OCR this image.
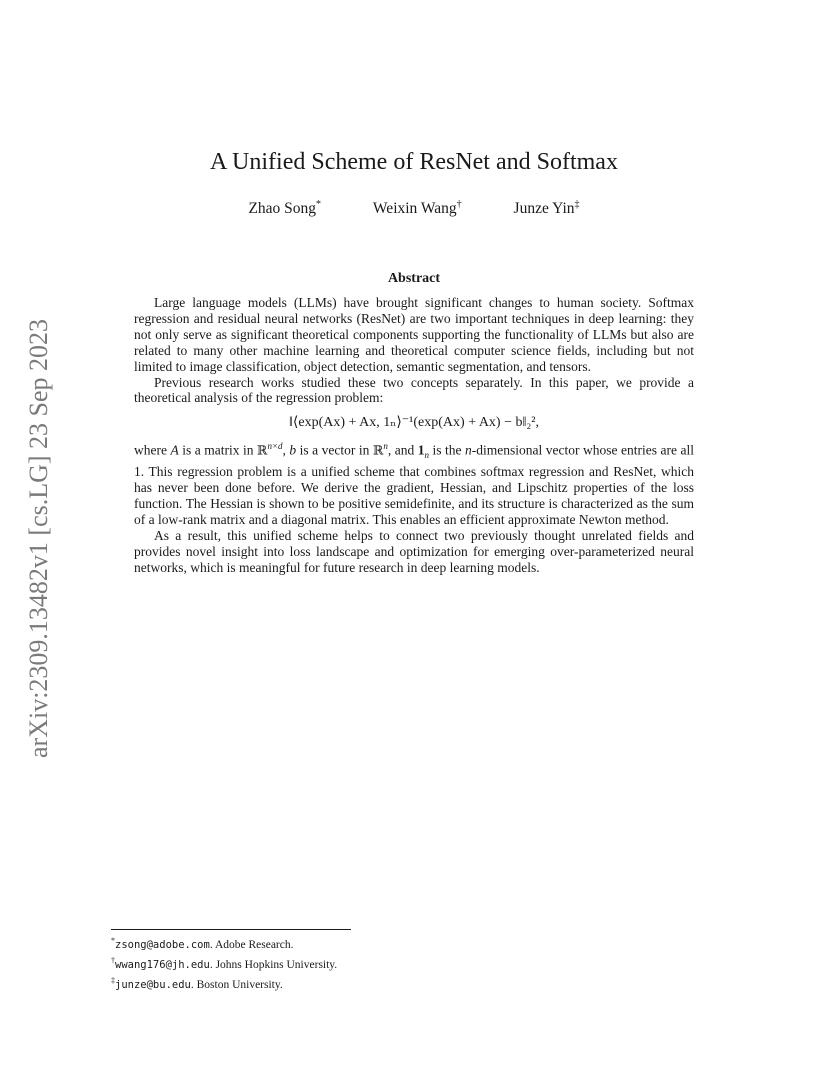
arXiv:2309.13482v1 [cs.LG] 23 Sep 2023
A Unified Scheme of ResNet and Softmax
Zhao Song*	Weixin Wang†	Junze Yin‡
Abstract

Large language models (LLMs) have brought significant changes to human society. Softmax regression and residual neural networks (ResNet) are two important techniques in deep learning: they not only serve as significant theoretical components supporting the functionality of LLMs but also are related to many other machine learning and theoretical computer science fields, including but not limited to image classification, object detection, semantic segmentation, and tensors.

Previous research works studied these two concepts separately. In this paper, we provide a theoretical analysis of the regression problem:

‖⟨exp(Ax) + Ax, 1ₙ⟩⁻¹(exp(Ax) + Ax) − b‖₂²,

where A is a matrix in ℝ$^{n\times d}$, b is a vector in ℝ$^n$, and $1_n$ is the n-dimensional vector whose entries are all 1. This regression problem is a unified scheme that combines softmax regression and ResNet, which has never been done before. We derive the gradient, Hessian, and Lipschitz properties of the loss function. The Hessian is shown to be positive semidefinite, and its structure is characterized as the sum of a low-rank matrix and a diagonal matrix. This enables an efficient approximate Newton method.

As a result, this unified scheme helps to connect two previously thought unrelated fields and provides novel insight into loss landscape and optimization for emerging over-parameterized neural networks, which is meaningful for future research in deep learning models.

*zsong@adobe.com. Adobe Research.
†wwang176@jh.edu. Johns Hopkins University.
‡junze@bu.edu. Boston University.
